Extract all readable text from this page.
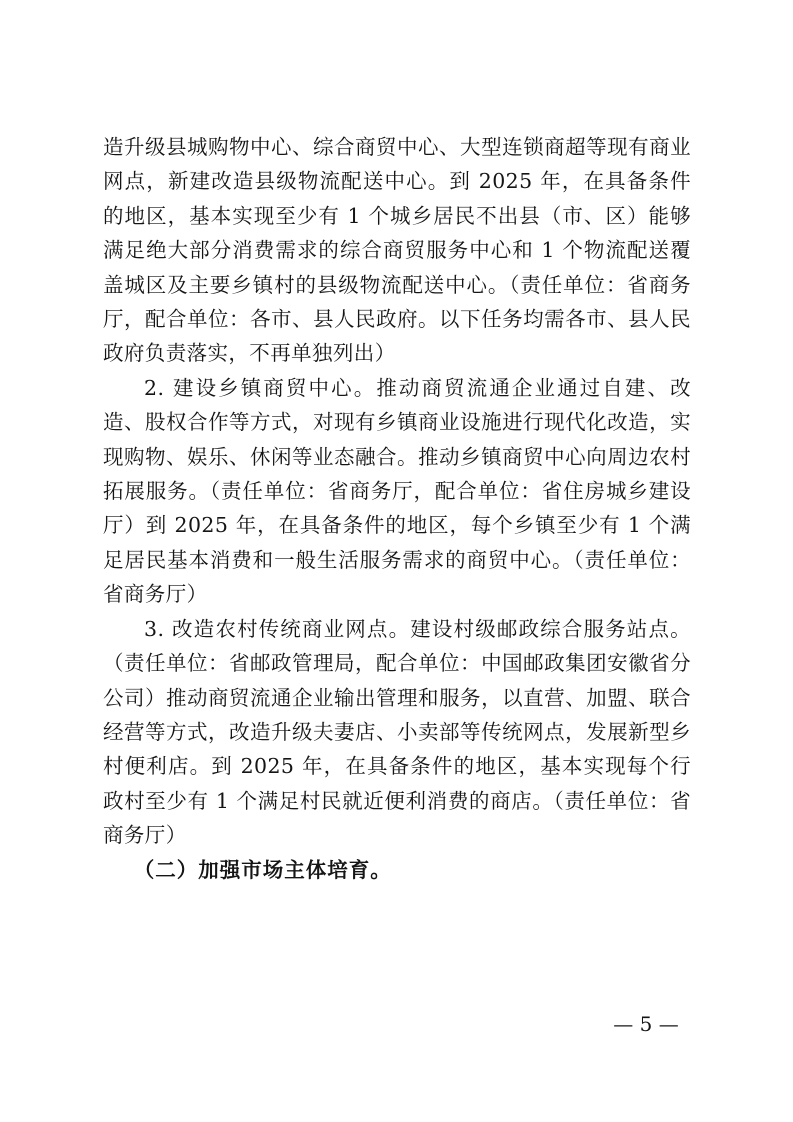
造升级县城购物中心、综合商贸中心、大型连锁商超等现有商业网点，新建改造县级物流配送中心。到 2025 年，在具备条件的地区，基本实现至少有 1 个城乡居民不出县（市、区）能够满足绝大部分消费需求的综合商贸服务中心和 1 个物流配送覆盖城区及主要乡镇村的县级物流配送中心。（责任单位：省商务厅，配合单位：各市、县人民政府。以下任务均需各市、县人民政府负责落实，不再单独列出）

2. 建设乡镇商贸中心。推动商贸流通企业通过自建、改造、股权合作等方式，对现有乡镇商业设施进行现代化改造，实现购物、娱乐、休闲等业态融合。推动乡镇商贸中心向周边农村拓展服务。（责任单位：省商务厅，配合单位：省住房城乡建设厅）到 2025 年，在具备条件的地区，每个乡镇至少有 1 个满足居民基本消费和一般生活服务需求的商贸中心。（责任单位：省商务厅）

3. 改造农村传统商业网点。建设村级邮政综合服务站点。（责任单位：省邮政管理局，配合单位：中国邮政集团安徽省分公司）推动商贸流通企业输出管理和服务，以直营、加盟、联合经营等方式，改造升级夫妻店、小卖部等传统网点，发展新型乡村便利店。到 2025 年，在具备条件的地区，基本实现每个行政村至少有 1 个满足村民就近便利消费的商店。（责任单位：省商务厅）

（二）加强市场主体培育。

— 5 —
